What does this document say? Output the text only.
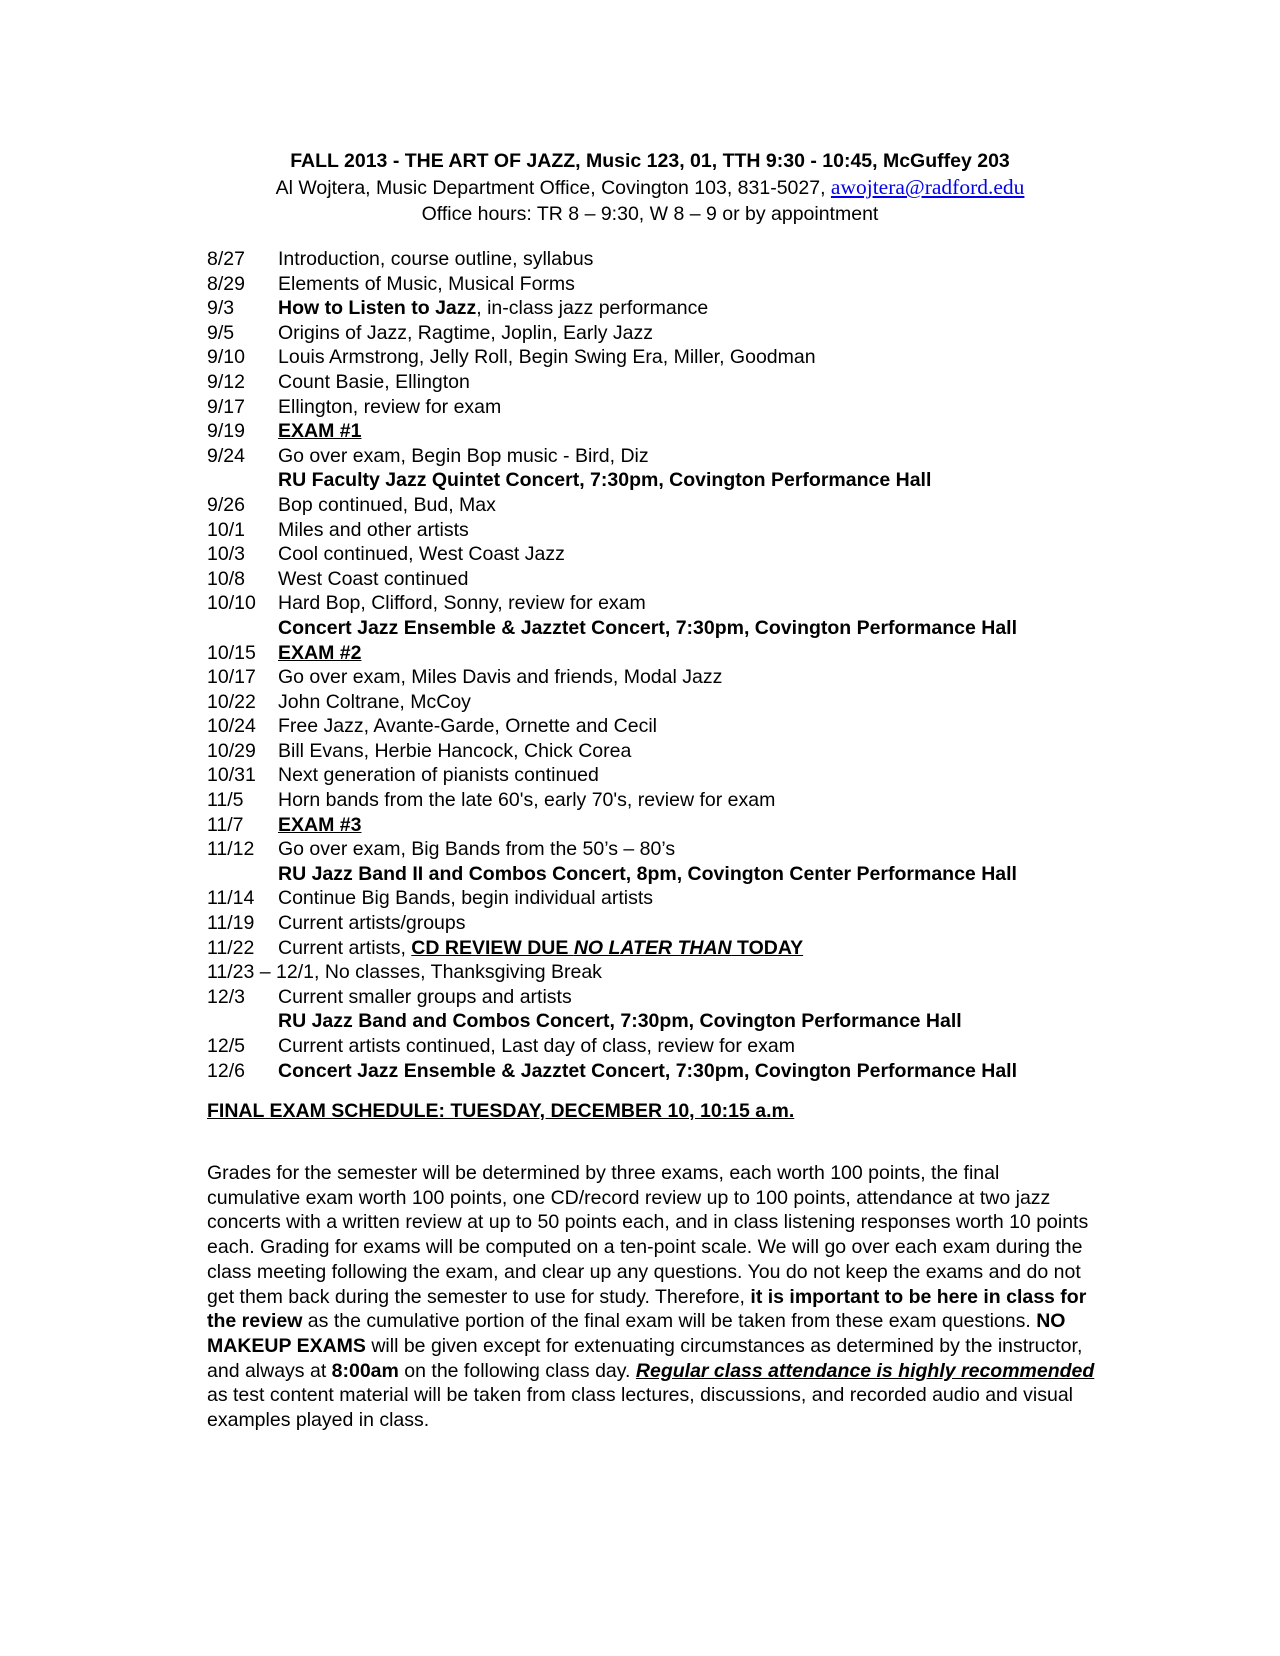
FALL 2013 - THE ART OF JAZZ, Music 123, 01, TTH 9:30 - 10:45, McGuffey 203
Al Wojtera, Music Department Office, Covington 103, 831-5027, awojtera@radford.edu
Office hours: TR 8 – 9:30, W 8 – 9 or by appointment
8/27	Introduction, course outline, syllabus
8/29	Elements of Music, Musical Forms
9/3	How to Listen to Jazz, in-class jazz performance
9/5	Origins of Jazz, Ragtime, Joplin, Early Jazz
9/10	Louis Armstrong, Jelly Roll, Begin Swing Era, Miller, Goodman
9/12	Count Basie, Ellington
9/17	Ellington, review for exam
9/19	EXAM #1
9/24	Go over exam, Begin Bop music - Bird, Diz
RU Faculty Jazz Quintet Concert, 7:30pm, Covington Performance Hall
9/26	Bop continued, Bud, Max
10/1	Miles and other artists
10/3	Cool continued, West Coast Jazz
10/8	West Coast continued
10/10	Hard Bop, Clifford, Sonny, review for exam
Concert Jazz Ensemble & Jazztet Concert, 7:30pm, Covington Performance Hall
10/15	EXAM #2
10/17	Go over exam, Miles Davis and friends, Modal Jazz
10/22	John Coltrane, McCoy
10/24	Free Jazz, Avante-Garde, Ornette and Cecil
10/29	Bill Evans, Herbie Hancock, Chick Corea
10/31	Next generation of pianists continued
11/5	Horn bands from the late 60's, early 70's, review for exam
11/7	EXAM #3
11/12	Go over exam, Big Bands from the 50’s – 80’s
RU Jazz Band II and Combos Concert, 8pm, Covington Center Performance Hall
11/14	Continue Big Bands, begin individual artists
11/19	Current artists/groups
11/22	Current artists, CD REVIEW DUE NO LATER THAN TODAY
11/23 – 12/1, No classes, Thanksgiving Break
12/3	Current smaller groups and artists
RU Jazz Band and Combos Concert, 7:30pm, Covington Performance Hall
12/5	Current artists continued, Last day of class, review for exam
12/6	Concert Jazz Ensemble & Jazztet Concert, 7:30pm, Covington Performance Hall
FINAL EXAM SCHEDULE: TUESDAY, DECEMBER 10, 10:15 a.m.
Grades for the semester will be determined by three exams, each worth 100 points, the final cumulative exam worth 100 points, one CD/record review up to 100 points, attendance at two jazz concerts with a written review at up to 50 points each, and in class listening responses worth 10 points each. Grading for exams will be computed on a ten-point scale. We will go over each exam during the class meeting following the exam, and clear up any questions. You do not keep the exams and do not get them back during the semester to use for study. Therefore, it is important to be here in class for the review as the cumulative portion of the final exam will be taken from these exam questions. NO MAKEUP EXAMS will be given except for extenuating circumstances as determined by the instructor, and always at 8:00am on the following class day. Regular class attendance is highly recommended as test content material will be taken from class lectures, discussions, and recorded audio and visual examples played in class.
